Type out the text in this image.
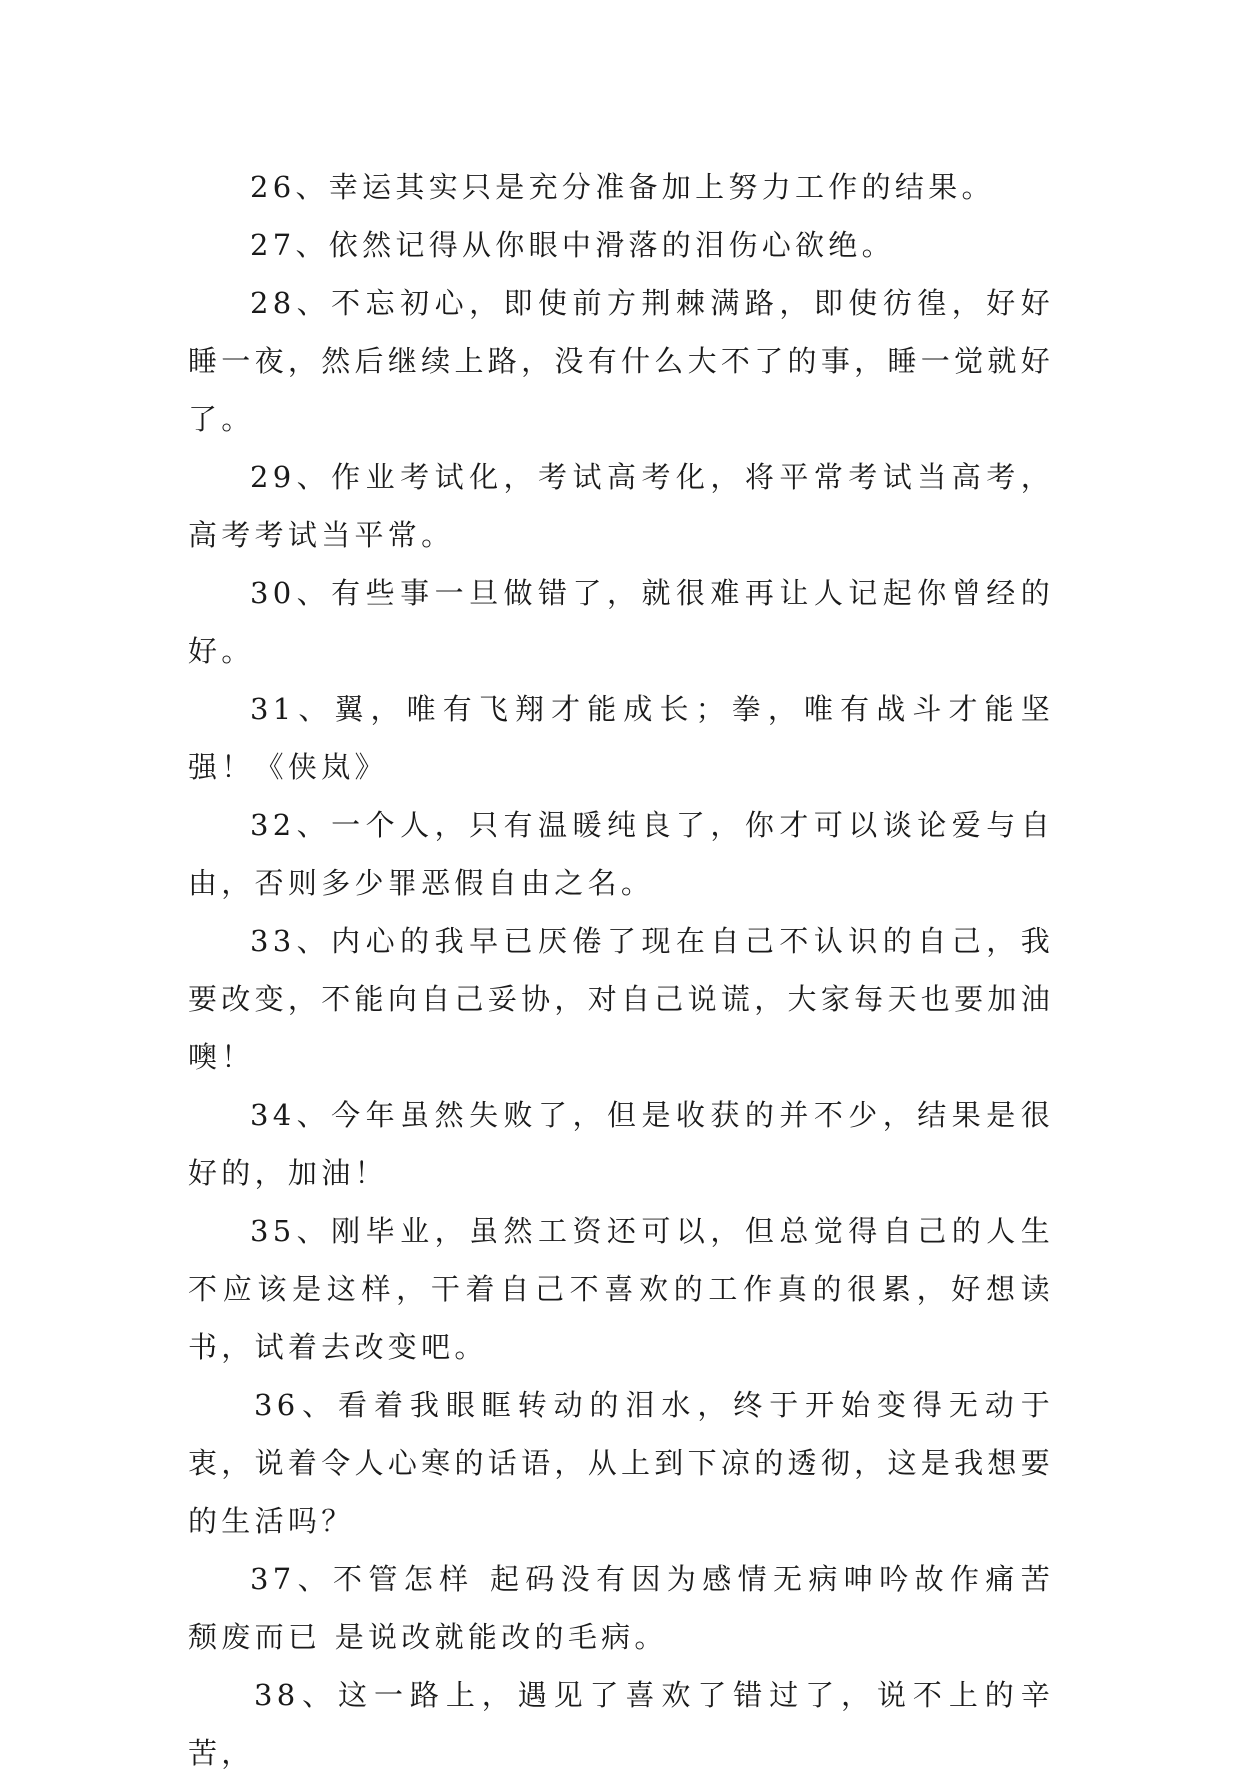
26、幸运其实只是充分准备加上努力工作的结果。

27、依然记得从你眼中滑落的泪伤心欲绝。

28、不忘初心，即使前方荆棘满路，即使彷徨，好好睡一夜，然后继续上路，没有什么大不了的事，睡一觉就好了。

29、作业考试化，考试高考化，将平常考试当高考，高考考试当平常。

30、有些事一旦做错了，就很难再让人记起你曾经的好。

31、翼，唯有飞翔才能成长；拳，唯有战斗才能坚强！《侠岚》

32、一个人，只有温暖纯良了，你才可以谈论爱与自由，否则多少罪恶假自由之名。

33、内心的我早已厌倦了现在自己不认识的自己，我要改变，不能向自己妥协，对自己说谎，大家每天也要加油噢！

34、今年虽然失败了，但是收获的并不少，结果是很好的，加油！

35、刚毕业，虽然工资还可以，但总觉得自己的人生不应该是这样，干着自己不喜欢的工作真的很累，好想读书，试着去改变吧。

36、看着我眼眶转动的泪水，终于开始变得无动于衷，说着令人心寒的话语，从上到下凉的透彻，这是我想要的生活吗？

37、不管怎样 起码没有因为感情无病呻吟故作痛苦 颓废而已 是说改就能改的毛病。

38、这一路上，遇见了喜欢了错过了，说不上的辛苦，
